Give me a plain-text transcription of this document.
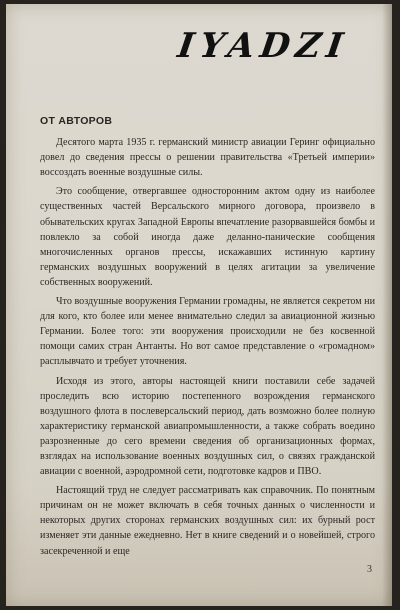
IYADZI
ОТ АВТОРОВ

Десятого марта 1935 г. германский министр авиации Геринг официально довел до сведения прессы о решении правительства «Третьей империи» воссоздать военные воздушные силы.

Это сообщение, отвергавшее односторонним актом одну из наиболее существенных частей Версальского мирного договора, произвело в обывательских кругах Западной Европы впечатление разорвавшейся бомбы и повлекло за собой иногда даже деланно-панические сообщения многочисленных органов прессы, искажавших истинную картину германских воздушных вооружений в целях агитации за увеличение собственных вооружений.

Что воздушные вооружения Германии громадны, не является секретом ни для кого, кто более или менее внимательно следил за авиационной жизнью Германии. Более того: эти вооружения происходили не без косвенной помощи самих стран Антанты. Но вот самое представление о «громадном» расплывчато и требует уточнения.

Исходя из этого, авторы настоящей книги поставили себе задачей проследить всю историю постепенного возрождения германского воздушного флота в послеверсальский период, дать возможно более полную характеристику германской авиапромышленности, а также собрать воедино разрозненные до сего времени сведения об организационных формах, взглядах на использование военных воздушных сил, о связях гражданской авиации с военной, аэродромной сети, подготовке кадров и ПВО.

Настоящий труд не следует рассматривать как справочник. По понятным причинам он не может включать в себя точных данных о численности и некоторых других сторонах германских воздушных сил: их бурный рост изменяет эти данные ежедневно. Нет в книге сведений и о новейшей, строго засекреченной и еще

3
